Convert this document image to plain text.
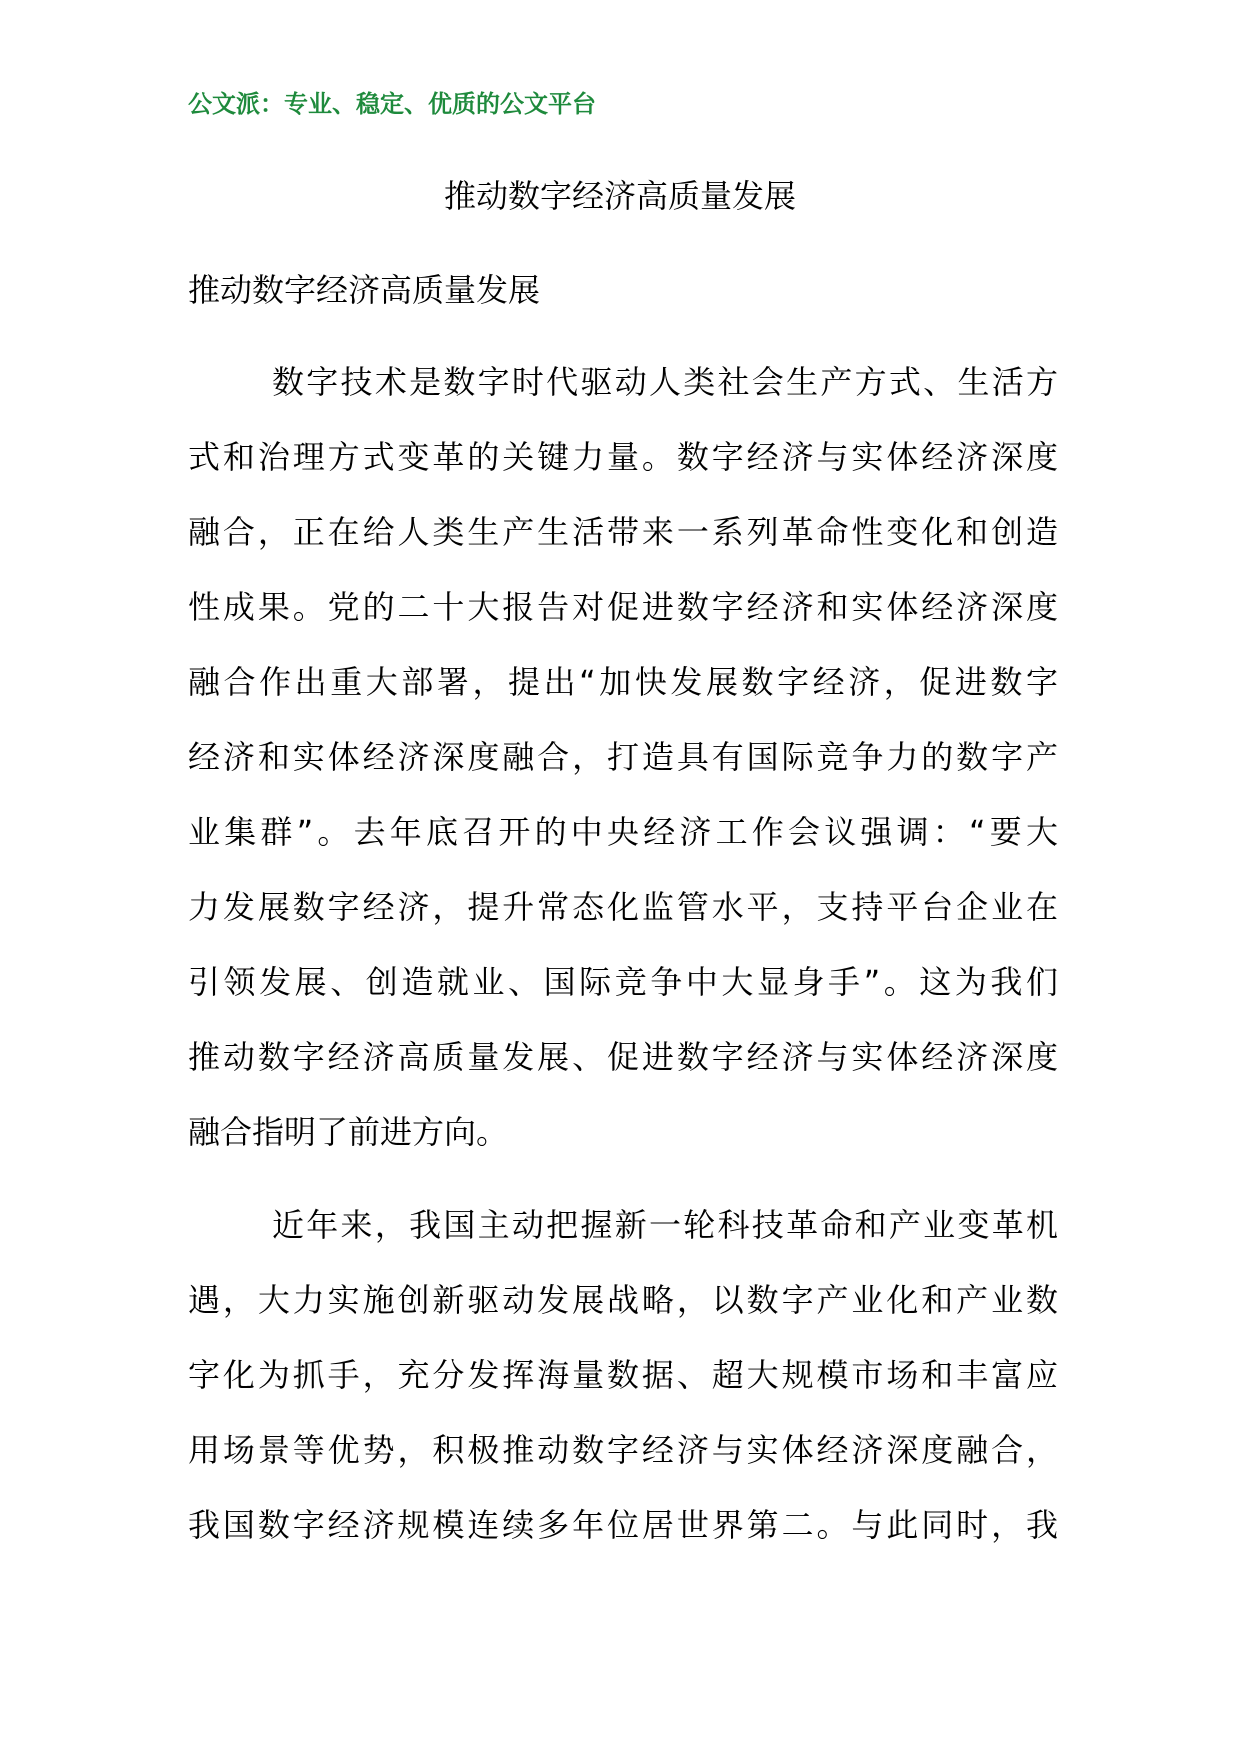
公文派：专业、稳定、优质的公文平台
推动数字经济高质量发展
推动数字经济高质量发展
数字技术是数字时代驱动人类社会生产方式、生活方
式和治理方式变革的关键力量。数字经济与实体经济深度
融合，正在给人类生产生活带来一系列革命性变化和创造
性成果。党的二十大报告对促进数字经济和实体经济深度
融合作出重大部署，提出“加快发展数字经济，促进数字
经济和实体经济深度融合，打造具有国际竞争力的数字产
业集群”。去年底召开的中央经济工作会议强调：“要大
力发展数字经济，提升常态化监管水平，支持平台企业在
引领发展、创造就业、国际竞争中大显身手”。这为我们
推动数字经济高质量发展、促进数字经济与实体经济深度
融合指明了前进方向。
近年来，我国主动把握新一轮科技革命和产业变革机
遇，大力实施创新驱动发展战略，以数字产业化和产业数
字化为抓手，充分发挥海量数据、超大规模市场和丰富应
用场景等优势，积极推动数字经济与实体经济深度融合，
我国数字经济规模连续多年位居世界第二。与此同时，我
